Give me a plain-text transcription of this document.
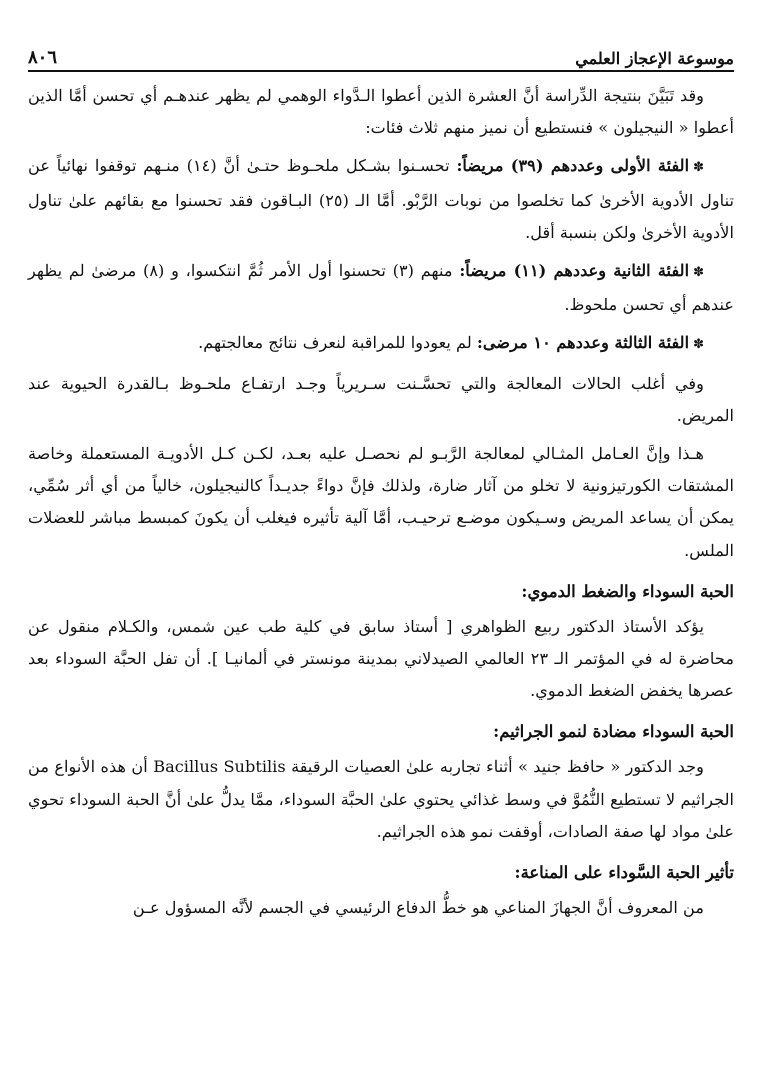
٨٠٦	موسوعة الإعجاز العلمي

وقد تَبَيَّنَ بنتيجة الدِّراسة أنَّ العشرة الذين أعطوا الـدَّواء الوهمي لم يظهر عندهـم أي تحسن أمَّا الذين أعطوا « النيجيلون » فنستطيع أن نميز منهم ثلاث فئات:

✽الفئة الأولى وعددهم (٣٩) مريضاً: تحسـنوا بشـكل ملحـوظ حتـىٰ أنَّ (١٤) منـهم توقفوا نهائياً عن تناول الأدوية الأخرىٰ كما تخلصوا من نوبات الرَّبْو. أمَّا الـ (٢٥) البـاقون فقد تحسنوا مع بقائهم علىٰ تناول الأدوية الأخرىٰ ولكن بنسبة أقل.

✽الفئة الثانية وعددهم (١١) مريضاً: منهم (٣) تحسنوا أول الأمر ثُمَّ انتكسوا، و (٨) مرضىٰ لم يظهر عندهم أي تحسن ملحوظ.

✽الفئة الثالثة وعددهم ١٠ مرضى: لم يعودوا للمراقبة لنعرف نتائج معالجتهم.

وفي أغلب الحالات المعالجة والتي تحسَّـنت سـريرياً وجـد ارتفـاع ملحـوظ بـالقدرة الحيوية عند المريض.

هـذا وإنَّ العـامل المثـالي لمعالجة الرَّبـو لم نحصـل عليه بعـد، لكـن كـل الأدويـة المستعملة وخاصة المشتقات الكورتيزونية لا تخلو من آثار ضارة، ولذلك فإنَّ دواءً جديـداً كالنيجيلون، خالياً من أي أثر سُمِّي، يمكن أن يساعد المريض وسـيكون موضـع ترحيـب، أمَّا آلية تأثيره فيغلب أن يكونَ كمبسط مباشر للعضلات الملس.

الحبة السوداء والضغط الدموي:

يؤكد الأستاذ الدكتور ربيع الظواهري [ أستاذ سابق في كلية طب عين شمس، والكـلام منقول عن محاضرة له في المؤتمر الـ ٢٣ العالمي الصيدلاني بمدينة مونستر في ألمانيـا ]. أن تفل الحبَّة السوداء بعد عصرها يخفض الضغط الدموي.

الحبة السوداء مضادة لنمو الجراثيم:

وجد الدكتور « حافظ جنيد » أثناء تجاربه علىٰ العصيات الرقيقة Bacillus Subtilis أن هذه الأنواع من الجراثيم لا تستطيع النُّمُوَّ في وسط غذائي يحتوي علىٰ الحبَّة السوداء، ممَّا يدلُّ علىٰ أنَّ الحبة السوداء تحوي علىٰ مواد لها صفة الصادات، أوقفت نمو هذه الجراثيم.

تأثير الحبة السَّوداء على المناعة:

من المعروف أنَّ الجهازَ المناعي هو خطُّ الدفاع الرئيسي في الجسم لأنَّه المسؤول عـن
